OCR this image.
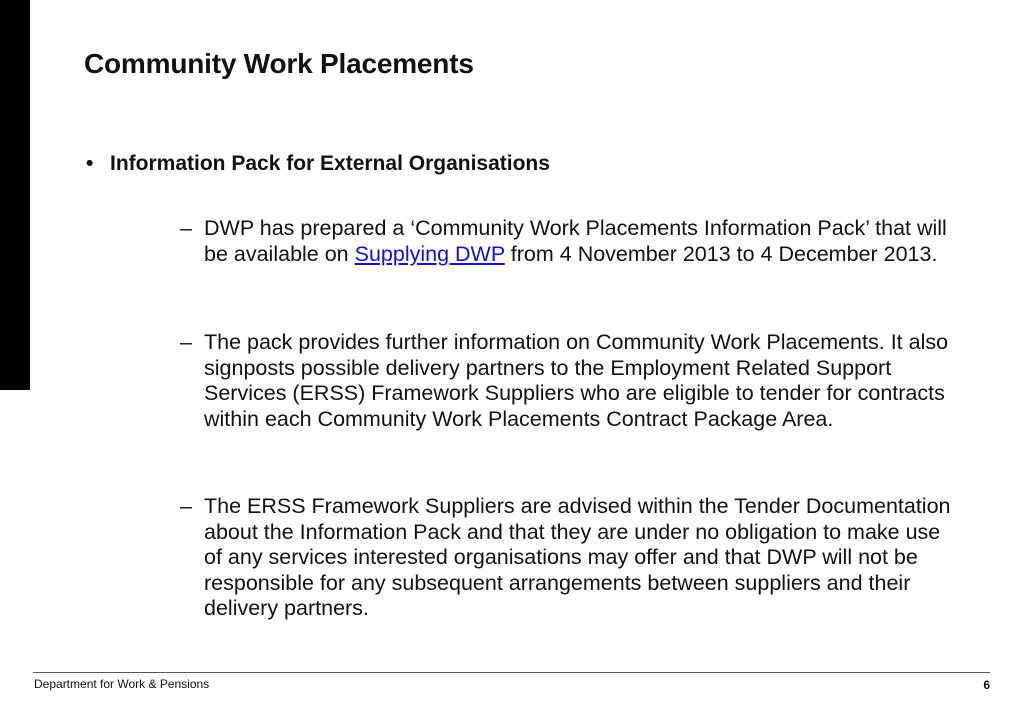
Community Work Placements
• Information Pack for External Organisations
– DWP has prepared a ‘Community Work Placements Information Pack’ that will be available on Supplying DWP from 4 November 2013 to 4 December 2013.
– The pack provides further information on Community Work Placements. It also signposts possible delivery partners to the Employment Related Support Services (ERSS) Framework Suppliers who are eligible to tender for contracts within each Community Work Placements Contract Package Area.
– The ERSS Framework Suppliers are advised within the Tender Documentation about the Information Pack and that they are under no obligation to make use of any services interested organisations may offer and that DWP will not be responsible for any subsequent arrangements between suppliers and their delivery partners.
Department for Work & Pensions	6
